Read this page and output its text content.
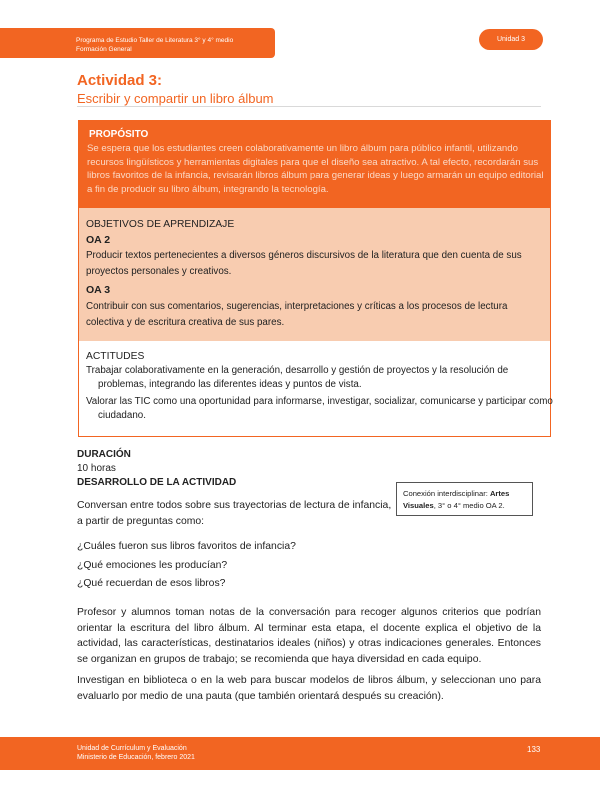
Programa de Estudio Taller de Literatura 3° y 4° medio
Formación General
Unidad 3
Actividad 3:
Escribir y compartir un libro álbum
PROPÓSITO
Se espera que los estudiantes creen colaborativamente un libro álbum para público infantil, utilizando recursos lingüísticos y herramientas digitales para que el diseño sea atractivo. A tal efecto, recordarán sus libros favoritos de la infancia, revisarán libros álbum para generar ideas y luego armarán un equipo editorial a fin de producir su libro álbum, integrando la tecnología.
OBJETIVOS DE APRENDIZAJE
OA 2
Producir textos pertenecientes a diversos géneros discursivos de la literatura que den cuenta de sus proyectos personales y creativos.
OA 3
Contribuir con sus comentarios, sugerencias, interpretaciones y críticas a los procesos de lectura colectiva y de escritura creativa de sus pares.
ACTITUDES
Trabajar colaborativamente en la generación, desarrollo y gestión de proyectos y la resolución de problemas, integrando las diferentes ideas y puntos de vista.
Valorar las TIC como una oportunidad para informarse, investigar, socializar, comunicarse y participar como ciudadano.
DURACIÓN
10 horas
DESARROLLO DE LA ACTIVIDAD
Conexión interdisciplinar: Artes Visuales, 3° o 4° medio OA 2.
Conversan entre todos sobre sus trayectorias de lectura de infancia, a partir de preguntas como:
¿Cuáles fueron sus libros favoritos de infancia?
¿Qué emociones les producían?
¿Qué recuerdan de esos libros?
Profesor y alumnos toman notas de la conversación para recoger algunos criterios que podrían orientar la escritura del libro álbum. Al terminar esta etapa, el docente explica el objetivo de la actividad, las características, destinatarios ideales (niños) y otras indicaciones generales. Entonces se organizan en grupos de trabajo; se recomienda que haya diversidad en cada equipo.
Investigan en biblioteca o en la web para buscar modelos de libros álbum, y seleccionan uno para evaluarlo por medio de una pauta (que también orientará después su creación).
Unidad de Currículum y Evaluación
Ministerio de Educación, febrero 2021
133
